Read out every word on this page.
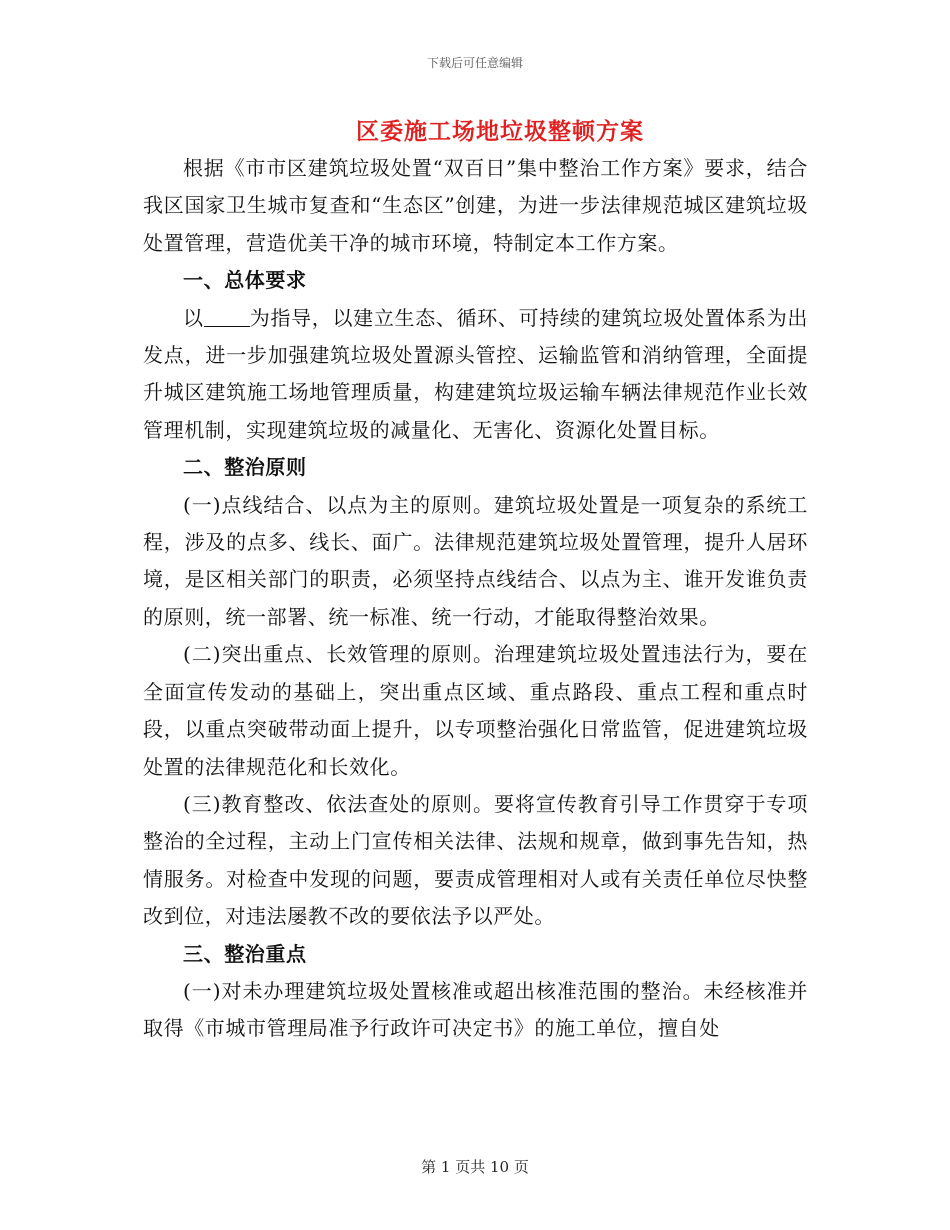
下载后可任意编辑
区委施工场地垃圾整顿方案

根据《市市区建筑垃圾处置“双百日”集中整治工作方案》要求，结合我区国家卫生城市复查和“生态区”创建，为进一步法律规范城区建筑垃圾处置管理，营造优美干净的城市环境，特制定本工作方案。

一、总体要求

以 为指导，以建立生态、循环、可持续的建筑垃圾处置体系为出发点，进一步加强建筑垃圾处置源头管控、运输监管和消纳管理，全面提升城区建筑施工场地管理质量，构建建筑垃圾运输车辆法律规范作业长效管理机制，实现建筑垃圾的减量化、无害化、资源化处置目标。

二、整治原则

(一)点线结合、以点为主的原则。建筑垃圾处置是一项复杂的系统工程，涉及的点多、线长、面广。法律规范建筑垃圾处置管理，提升人居环境，是区相关部门的职责，必须坚持点线结合、以点为主、谁开发谁负责的原则，统一部署、统一标准、统一行动，才能取得整治效果。

(二)突出重点、长效管理的原则。治理建筑垃圾处置违法行为，要在全面宣传发动的基础上，突出重点区域、重点路段、重点工程和重点时段，以重点突破带动面上提升，以专项整治强化日常监管，促进建筑垃圾处置的法律规范化和长效化。

(三)教育整改、依法查处的原则。要将宣传教育引导工作贯穿于专项整治的全过程，主动上门宣传相关法律、法规和规章，做到事先告知，热情服务。对检查中发现的问题，要责成管理相对人或有关责任单位尽快整改到位，对违法屡教不改的要依法予以严处。

三、整治重点

(一)对未办理建筑垃圾处置核准或超出核准范围的整治。未经核准并取得《市城市管理局准予行政许可决定书》的施工单位，擅自处

第 1 页共 10 页
